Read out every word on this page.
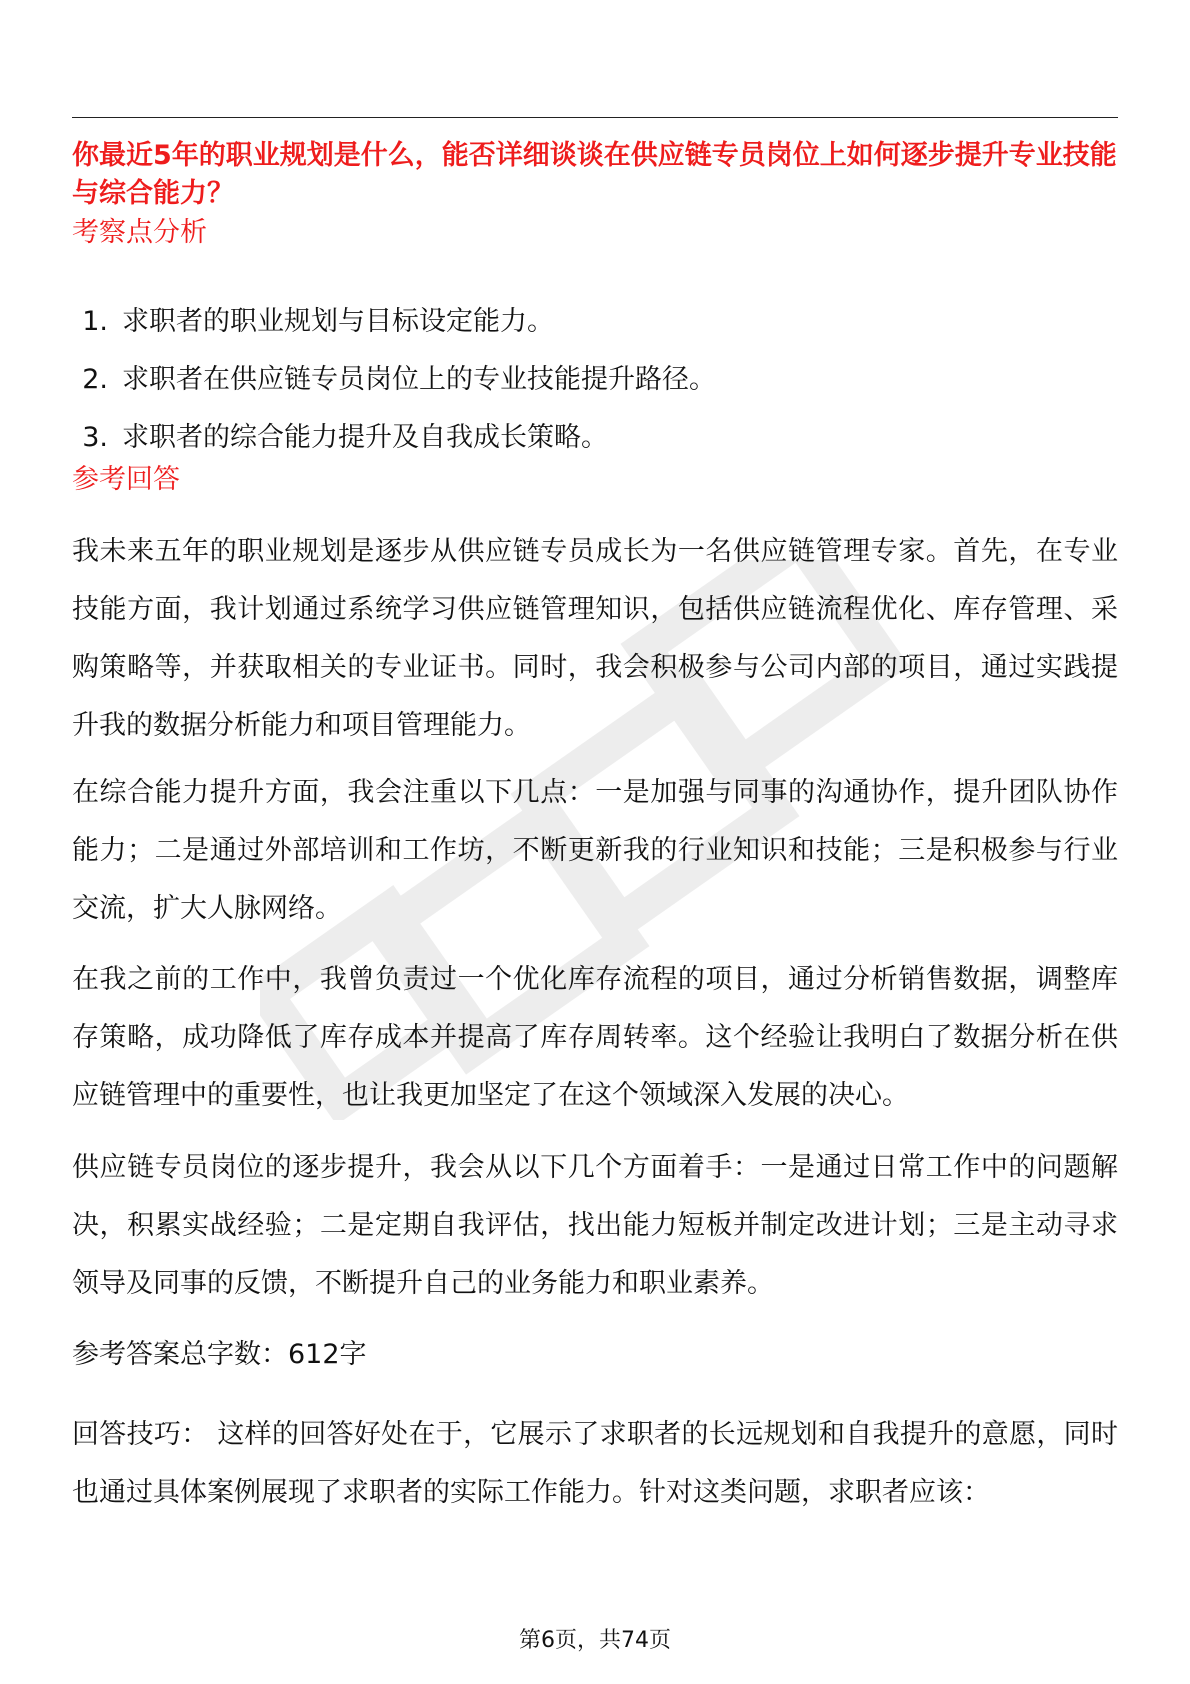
你最近5年的职业规划是什么，能否详细谈谈在供应链专员岗位上如何逐步提升专业技能与综合能力？
考察点分析
1. 求职者的职业规划与目标设定能力。
2. 求职者在供应链专员岗位上的专业技能提升路径。
3. 求职者的综合能力提升及自我成长策略。
参考回答

我未来五年的职业规划是逐步从供应链专员成长为一名供应链管理专家。首先，在专业技能方面，我计划通过系统学习供应链管理知识，包括供应链流程优化、库存管理、采购策略等，并获取相关的专业证书。同时，我会积极参与公司内部的项目，通过实践提升我的数据分析能力和项目管理能力。

在综合能力提升方面，我会注重以下几点：一是加强与同事的沟通协作，提升团队协作能力；二是通过外部培训和工作坊，不断更新我的行业知识和技能；三是积极参与行业交流，扩大人脉网络。

在我之前的工作中，我曾负责过一个优化库存流程的项目，通过分析销售数据，调整库存策略，成功降低了库存成本并提高了库存周转率。这个经验让我明白了数据分析在供应链管理中的重要性，也让我更加坚定了在这个领域深入发展的决心。

供应链专员岗位的逐步提升，我会从以下几个方面着手：一是通过日常工作中的问题解决，积累实战经验；二是定期自我评估，找出能力短板并制定改进计划；三是主动寻求领导及同事的反馈，不断提升自己的业务能力和职业素养。

参考答案总字数：612字

回答技巧： 这样的回答好处在于，它展示了求职者的长远规划和自我提升的意愿，同时也通过具体案例展现了求职者的实际工作能力。针对这类问题，求职者应该：

第6页，共74页
